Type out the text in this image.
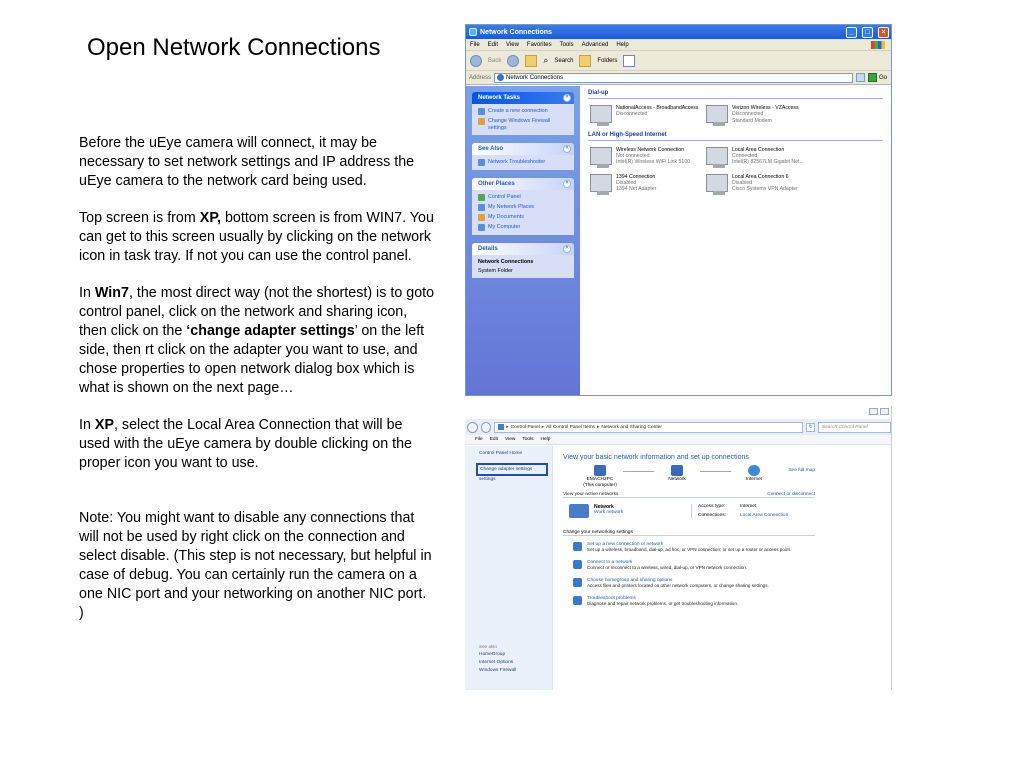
Open Network Connections

Before the uEye camera will connect, it may be necessary to set network settings and IP address the uEye camera to the network card being used.

Top screen is from XP, bottom screen is from WIN7. You can get to this screen usually by clicking on the network icon in task tray. If not you can use the control panel.

In Win7, the most direct way (not the shortest) is to goto control panel, click on the network and sharing icon, then click on the ‘change adapter settings’ on the left side, then rt click on the adapter you want to use, and chose properties to open network dialog box which is what is shown on the next page…

In XP, select the Local Area Connection that will be used with the uEye camera by double clicking on the proper icon you want to use.

Note: You might want to disable any connections that will not be used by right click on the connection and select disable. (This step is not necessary, but helpful in case of debug. You can certainly run the camera on a one NIC port and your networking on another NIC port. )

Network Connections	_	□	×
File Edit View Favorites Tools Advanced Help
Back	⌕ Search	Folders
Address	Network Connections	Go
Network Tasks	^
Create a new connection
Change Windows Firewall settings
See Also	^
Network Troubleshooter
Other Places	^
Control Panel
My Network Places
My Documents
My Computer
Details	^
Network Connections
System Folder
Dial-up
NationalAccess - BroadbandAccess
Disconnected
Verizon Wireless - VZAccess
Disconnected
Standard Modem
LAN or High-Speed Internet
Wireless Network Connection
Not connected
Intel(R) Wireless WiFi Link 5100
Local Area Connection
Connected
Intel(R) 82567LM Gigabit Net...
1394 Connection
Disabled
1394 Net Adapter
Local Area Connection 6
Disabled
Cisco Systems VPN Adapter
▸ Control Panel ▸ All Control Panel Items ▸ Network and Sharing Center	↻	Search Control Panel
File Edit View Tools Help
Control Panel Home
Change adapter settings
settings
See also
HomeGroup
Internet Options
Windows Firewall
View your basic network information and set up connections
See full map
EMACH2PC
(This computer)
Network	Internet
View your active networks	Connect or disconnect
Network
Work network
Access type:	Internet
Connections:	Local Area Connection
Change your networking settings
Set up a new connection or network
Set up a wireless, broadband, dial-up, ad hoc, or VPN connection; or set up a router or access point.
Connect to a network
Connect or reconnect to a wireless, wired, dial-up, or VPN network connection.
Choose homegroup and sharing options
Access files and printers located on other network computers, or change sharing settings.
Troubleshoot problems
Diagnose and repair network problems, or get troubleshooting information.
